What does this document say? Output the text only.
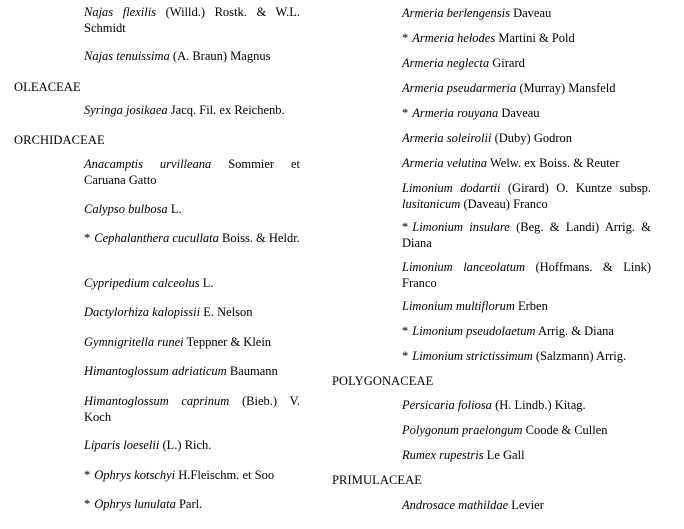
Najas flexilis (Willd.) Rostk. & W.L. Schmidt
Najas tenuissima (A. Braun) Magnus
OLEACEAE
Syringa josikaea Jacq. Fil. ex Reichenb.
ORCHIDACEAE
Anacamptis urvilleana Sommier et Caruana Gatto
Calypso bulbosa L.
* Cephalanthera cucullata Boiss. & Heldr.
Cypripedium calceolus L.
Dactylorhiza kalopissii E. Nelson
Gymnigritella runei Teppner & Klein
Himantoglossum adriaticum Baumann
Himantoglossum caprinum (Bieb.) V. Koch
Liparis loeselii (L.) Rich.
* Ophrys kotschyi H.Fleischm. et Soo
* Ophrys lunulata Parl.
Armeria berlengensis Daveau
* Armeria helodes Martini & Pold
Armeria neglecta Girard
Armeria pseudarmeria (Murray) Mansfeld
* Armeria rouyana Daveau
Armeria soleirolii (Duby) Godron
Armeria velutina Welw. ex Boiss. & Reuter
Limonium dodartii (Girard) O. Kuntze subsp. lusitanicum (Daveau) Franco
* Limonium insulare (Beg. & Landi) Arrig. & Diana
Limonium lanceolatum (Hoffmans. & Link) Franco
Limonium multiflorum Erben
* Limonium pseudolaetum Arrig. & Diana
* Limonium strictissimum (Salzmann) Arrig.
POLYGONACEAE
Persicaria foliosa (H. Lindb.) Kitag.
Polygonum praelongum Coode & Cullen
Rumex rupestris Le Gall
PRIMULACEAE
Androsace mathildae Levier
